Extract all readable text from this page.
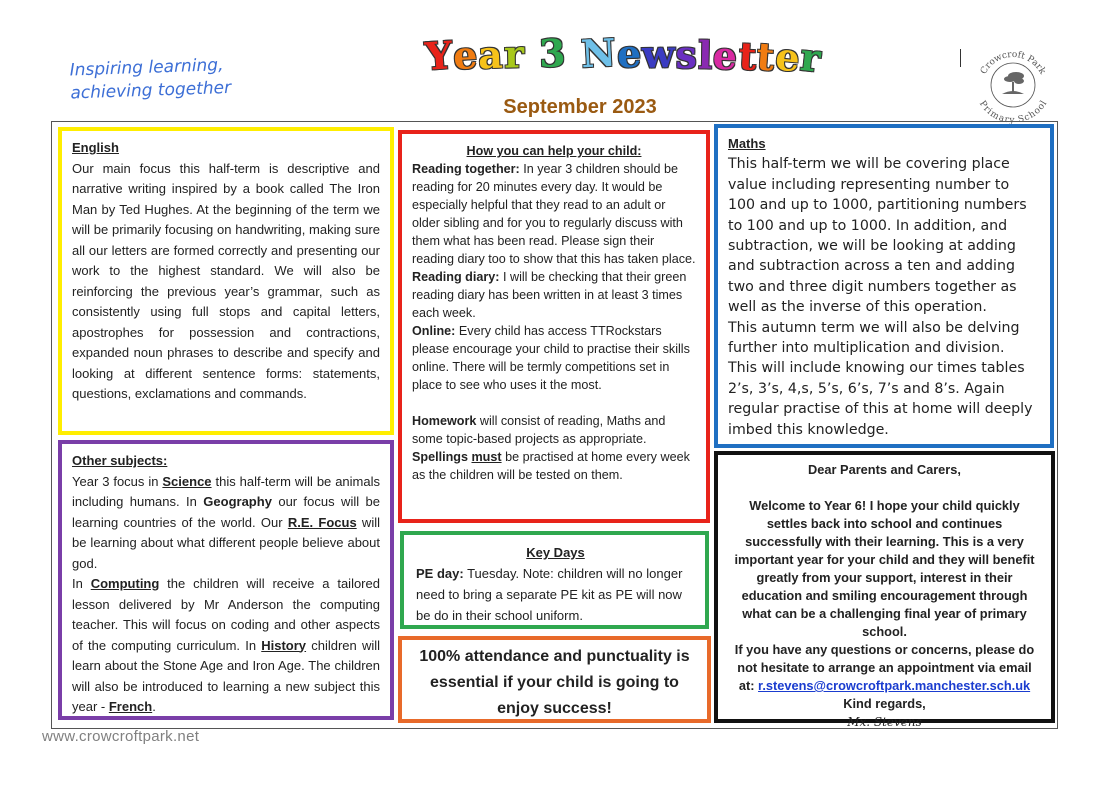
Inspiring learning,
achieving together
Year 3 Newsletter
September 2023
Crowcroft Park
Primary School
English
Our main focus this half-term is descriptive and narrative writing inspired by a book called The Iron Man by Ted Hughes. At the beginning of the term we will be primarily focusing on handwriting, making sure all our letters are formed correctly and presenting our work to the highest standard. We will also be reinforcing the previous year’s grammar, such as consistently using full stops and capital letters, apostrophes for possession and contractions, expanded noun phrases to describe and specify and looking at different sentence forms: statements, questions, exclamations and commands.
Other subjects:
Year 3 focus in Science this half-term will be animals including humans. In Geography our focus will be learning countries of the world. Our R.E. Focus will be learning about what different people believe about god.
In Computing the children will receive a tailored lesson delivered by Mr Anderson the computing teacher. This will focus on coding and other aspects of the computing curriculum. In History children will learn about the Stone Age and Iron Age. The children will also be introduced to learning a new subject this year - French.
How you can help your child:
Reading together: In year 3 children should be reading for 20 minutes every day. It would be especially helpful that they read to an adult or older sibling and for you to regularly discuss with them what has been read. Please sign their reading diary too to show that this has taken place.
Reading diary: I will be checking that their green reading diary has been written in at least 3 times each week.
Online: Every child has access TTRockstars please encourage your child to practise their skills online. There will be termly competitions set in place to see who uses it the most.
Homework will consist of reading, Maths and some topic-based projects as appropriate.
Spellings must be practised at home every week as the children will be tested on them.
Key Days
PE day: Tuesday. Note: children will no longer need to bring a separate PE kit as PE will now be do in their school uniform.
100% attendance and punctuality is essential if your child is going to enjoy success!
Maths
This half-term we will be covering place value including representing number to 100 and up to 1000, partitioning numbers to 100 and up to 1000. In addition, and subtraction, we will be looking at adding and subtraction across a ten and adding two and three digit numbers together as well as the inverse of this operation.
This autumn term we will also be delving further into multiplication and division.
This will include knowing our times tables 2’s, 3’s, 4,s, 5’s, 6’s, 7’s and 8’s. Again regular practise of this at home will deeply imbed this knowledge.
Dear Parents and Carers,
Welcome to Year 6! I hope your child quickly settles back into school and continues successfully with their learning. This is a very important year for your child and they will benefit greatly from your support, interest in their education and smiling encouragement through what can be a challenging final year of primary school.
If you have any questions or concerns, please do not hesitate to arrange an appointment via email at: r.stevens@crowcroftpark.manchester.sch.uk
Kind regards,
Mx. Stevens
www.crowcroftpark.net
